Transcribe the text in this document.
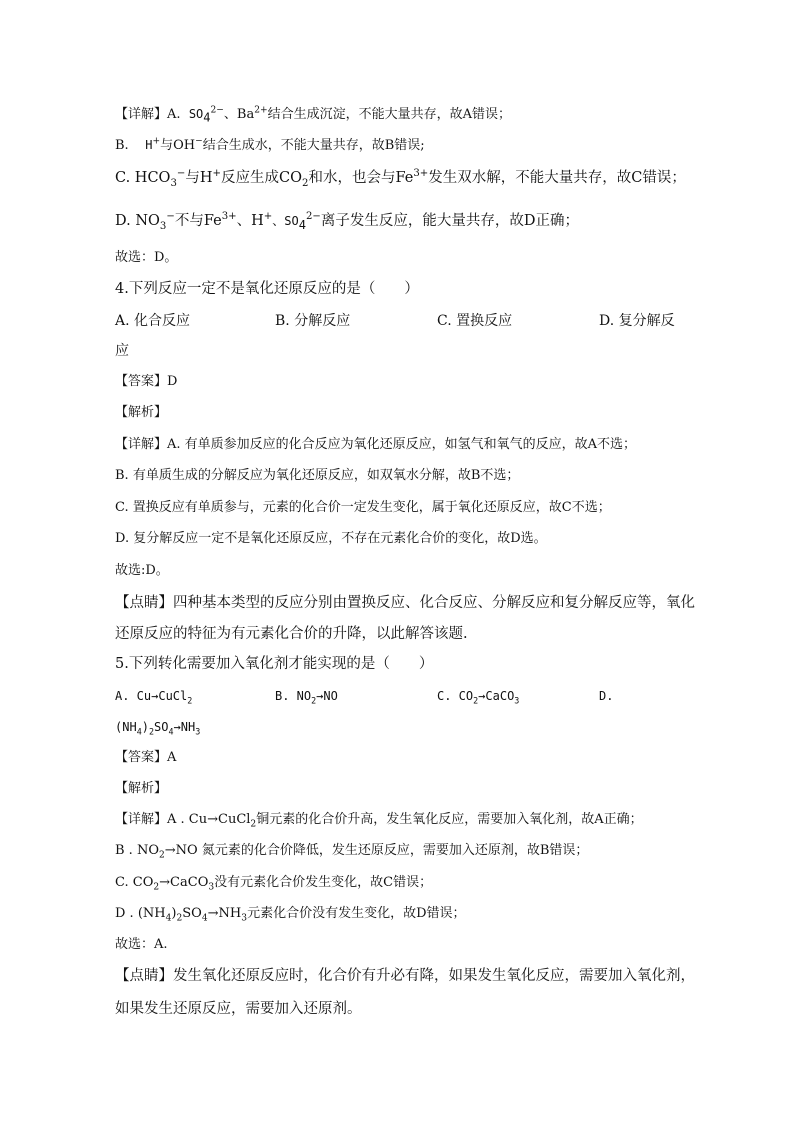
【详解】A. $SO_4^{2-}$、$Ba^{2+}$结合生成沉淀，不能大量共存，故A错误；
B. H+与OH−结合生成水，不能大量共存，故B错误;
C. $HCO_3^-$与H+反应生成$CO_2$和水，也会与$Fe^{3+}$发生双水解，不能大量共存，故C错误；
D. $NO_3^-$不与$Fe^{3+}$、H+、$SO_4^{2-}$离子发生反应，能大量共存，故D正确；
故选：D。
4.下列反应一定不是氧化还原反应的是（　　）
A. 化合反应	B. 分解反应	C. 置换反应	D. 复分解反
应
【答案】D
【解析】
【详解】A. 有单质参加反应的化合反应为氧化还原反应，如氢气和氧气的反应，故A不选；
B. 有单质生成的分解反应为氧化还原反应，如双氧水分解，故B不选；
C. 置换反应有单质参与，元素的化合价一定发生变化，属于氧化还原反应，故C不选；
D. 复分解反应一定不是氧化还原反应，不存在元素化合价的变化，故D选。
故选:D。
【点睛】四种基本类型的反应分别由置换反应、化合反应、分解反应和复分解反应等，氧化
还原反应的特征为有元素化合价的升降，以此解答该题.
5.下列转化需要加入氧化剂才能实现的是（　　）
A. Cu→CuCl$_2$	B. $NO_2\to NO$	C. $CO_2\to CaCO_3$	D.
$(NH_4)_2SO_4\to NH_3$
【答案】A
【解析】
【详解】A . Cu→CuCl$_2$铜元素的化合价升高，发生氧化反应，需要加入氧化剂，故A正确；
B . $NO_2\to NO$ 氮元素的化合价降低，发生还原反应，需要加入还原剂，故B错误；
C. $CO_2\to CaCO_3$没有元素化合价发生变化，故C错误；
D . $(NH_4)_2SO_4\to NH_3$元素化合价没有发生变化，故D错误；
故选：A.
【点睛】发生氧化还原反应时，化合价有升必有降，如果发生氧化反应，需要加入氧化剂，
如果发生还原反应，需要加入还原剂。
